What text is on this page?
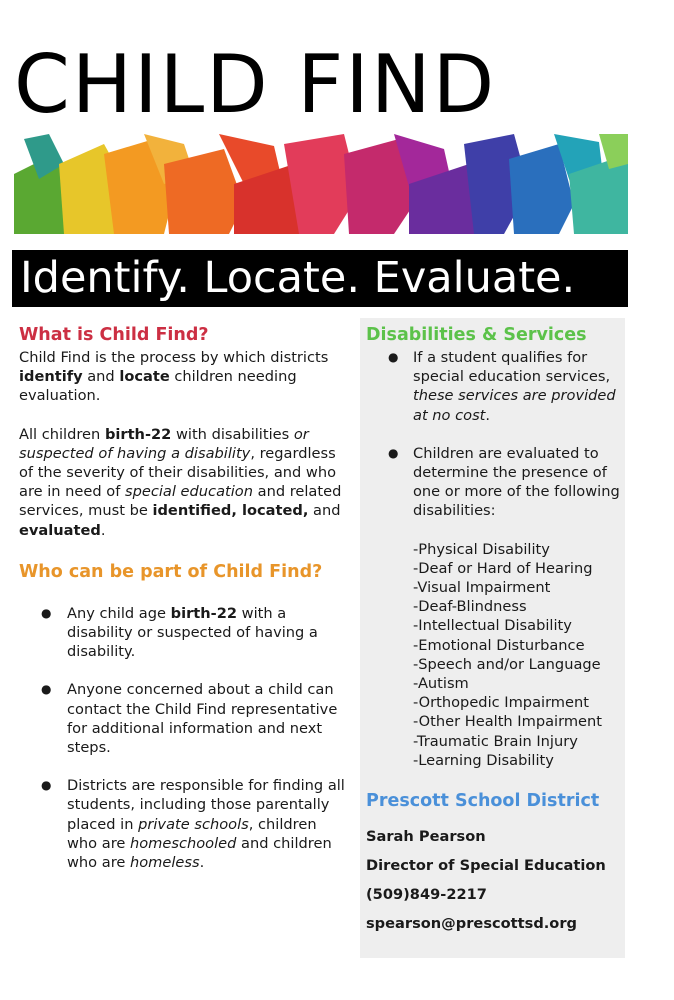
CHILD FIND
Identify. Locate. Evaluate.
What is Child Find?

Child Find is the process by which districts identify and locate children needing evaluation.

All children birth-22 with disabilities or suspected of having a disability, regardless of the severity of their disabilities, and who are in need of special education and related services, must be identified, located, and evaluated.

Who can be part of Child Find?
● Any child age birth-22 with a disability or suspected of having a disability.
● Anyone concerned about a child can contact the Child Find representative for additional information and next steps.
● Districts are responsible for finding all students, including those parentally placed in private schools, children who are homeschooled and children who are homeless.
Disabilities & Services
● If a student qualifies for special education services, these services are provided at no cost.
● Children are evaluated to determine the presence of one or more of the following disabilities:
-Physical Disability
-Deaf or Hard of Hearing
-Visual Impairment
-Deaf-Blindness
-Intellectual Disability
-Emotional Disturbance
-Speech and/or Language
-Autism
-Orthopedic Impairment
-Other Health Impairment
-Traumatic Brain Injury
-Learning Disability
Prescott School District
Sarah Pearson
Director of Special Education
(509)849-2217
spearson@prescottsd.org
